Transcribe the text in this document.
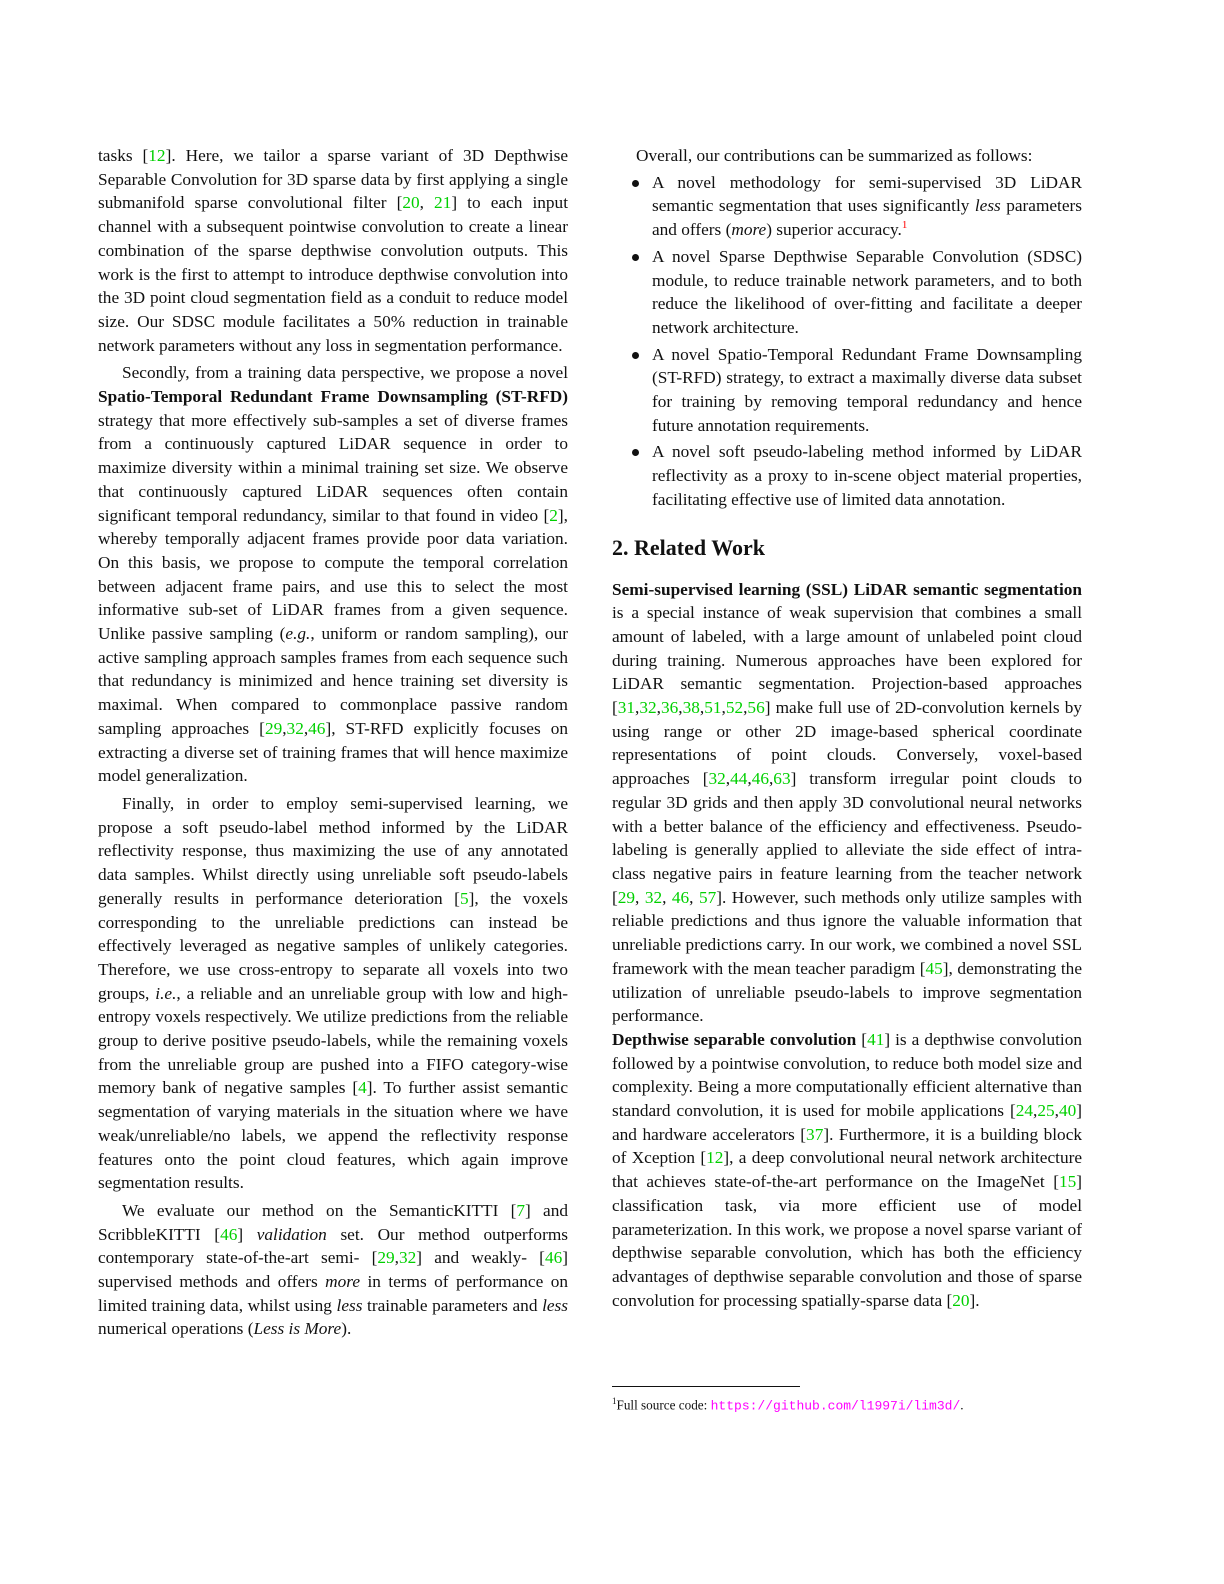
tasks [12]. Here, we tailor a sparse variant of 3D Depthwise Separable Convolution for 3D sparse data by first applying a single submanifold sparse convolutional filter [20, 21] to each input channel with a subsequent pointwise convolution to create a linear combination of the sparse depthwise convolution outputs. This work is the first to attempt to introduce depthwise convolution into the 3D point cloud segmentation field as a conduit to reduce model size. Our SDSC module facilitates a 50% reduction in trainable network parameters without any loss in segmentation performance.

Secondly, from a training data perspective, we propose a novel Spatio-Temporal Redundant Frame Downsampling (ST-RFD) strategy that more effectively sub-samples a set of diverse frames from a continuously captured LiDAR sequence in order to maximize diversity within a minimal training set size. We observe that continuously captured LiDAR sequences often contain significant temporal redundancy, similar to that found in video [2], whereby temporally adjacent frames provide poor data variation. On this basis, we propose to compute the temporal correlation between adjacent frame pairs, and use this to select the most informative sub-set of LiDAR frames from a given sequence. Unlike passive sampling (e.g., uniform or random sampling), our active sampling approach samples frames from each sequence such that redundancy is minimized and hence training set diversity is maximal. When compared to commonplace passive random sampling approaches [29,32,46], ST-RFD explicitly focuses on extracting a diverse set of training frames that will hence maximize model generalization.

Finally, in order to employ semi-supervised learning, we propose a soft pseudo-label method informed by the LiDAR reflectivity response, thus maximizing the use of any annotated data samples. Whilst directly using unreliable soft pseudo-labels generally results in performance deterioration [5], the voxels corresponding to the unreliable predictions can instead be effectively leveraged as negative samples of unlikely categories. Therefore, we use cross-entropy to separate all voxels into two groups, i.e., a reliable and an unreliable group with low and high-entropy voxels respectively. We utilize predictions from the reliable group to derive positive pseudo-labels, while the remaining voxels from the unreliable group are pushed into a FIFO category-wise memory bank of negative samples [4]. To further assist semantic segmentation of varying materials in the situation where we have weak/unreliable/no labels, we append the reflectivity response features onto the point cloud features, which again improve segmentation results.

We evaluate our method on the SemanticKITTI [7] and ScribbleKITTI [46] validation set. Our method outperforms contemporary state-of-the-art semi- [29,32] and weakly- [46] supervised methods and offers more in terms of performance on limited training data, whilst using less trainable parameters and less numerical operations (Less is More).

Overall, our contributions can be summarized as follows:

A novel methodology for semi-supervised 3D LiDAR semantic segmentation that uses significantly less parameters and offers (more) superior accuracy.$^1$
A novel Sparse Depthwise Separable Convolution (SDSC) module, to reduce trainable network parameters, and to both reduce the likelihood of over-fitting and facilitate a deeper network architecture.
A novel Spatio-Temporal Redundant Frame Downsampling (ST-RFD) strategy, to extract a maximally diverse data subset for training by removing temporal redundancy and hence future annotation requirements.
A novel soft pseudo-labeling method informed by LiDAR reflectivity as a proxy to in-scene object material properties, facilitating effective use of limited data annotation.
2. Related Work

Semi-supervised learning (SSL) LiDAR semantic segmentation is a special instance of weak supervision that combines a small amount of labeled, with a large amount of unlabeled point cloud during training. Numerous approaches have been explored for LiDAR semantic segmentation. Projection-based approaches [31,32,36,38,51,52,56] make full use of 2D-convolution kernels by using range or other 2D image-based spherical coordinate representations of point clouds. Conversely, voxel-based approaches [32,44,46,63] transform irregular point clouds to regular 3D grids and then apply 3D convolutional neural networks with a better balance of the efficiency and effectiveness. Pseudo-labeling is generally applied to alleviate the side effect of intra-class negative pairs in feature learning from the teacher network [29, 32, 46, 57]. However, such methods only utilize samples with reliable predictions and thus ignore the valuable information that unreliable predictions carry. In our work, we combined a novel SSL framework with the mean teacher paradigm [45], demonstrating the utilization of unreliable pseudo-labels to improve segmentation performance.

Depthwise separable convolution [41] is a depthwise convolution followed by a pointwise convolution, to reduce both model size and complexity. Being a more computationally efficient alternative than standard convolution, it is used for mobile applications [24,25,40] and hardware accelerators [37]. Furthermore, it is a building block of Xception [12], a deep convolutional neural network architecture that achieves state-of-the-art performance on the ImageNet [15] classification task, via more efficient use of model parameterization. In this work, we propose a novel sparse variant of depthwise separable convolution, which has both the efficiency advantages of depthwise separable convolution and those of sparse convolution for processing spatially-sparse data [20].

$^1$Full source code: https://github.com/l1997i/lim3d/.
